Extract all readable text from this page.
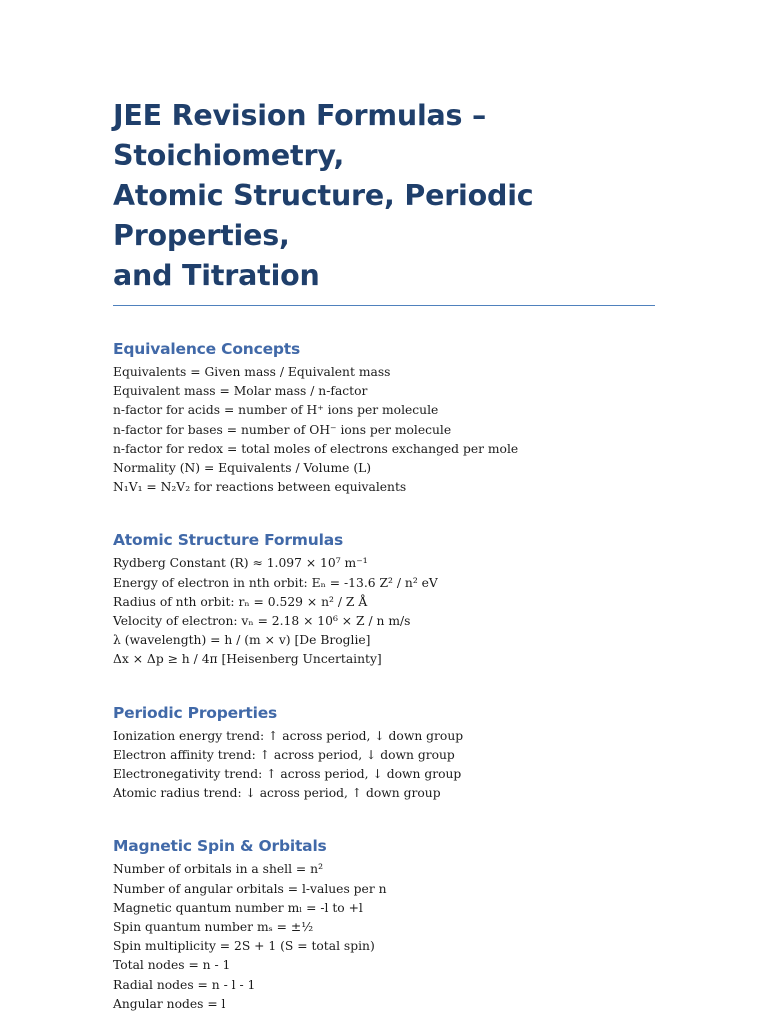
JEE Revision Formulas – Stoichiometry,
Atomic Structure, Periodic Properties,
and Titration
Equivalence Concepts
Equivalents = Given mass / Equivalent mass
Equivalent mass = Molar mass / n-factor
n-factor for acids = number of H⁺ ions per molecule
n-factor for bases = number of OH⁻ ions per molecule
n-factor for redox = total moles of electrons exchanged per mole
Normality (N) = Equivalents / Volume (L)
N₁V₁ = N₂V₂ for reactions between equivalents
Atomic Structure Formulas
Rydberg Constant (R) ≈ 1.097 × 10⁷ m⁻¹
Energy of electron in nth orbit: Eₙ = -13.6 Z² / n² eV
Radius of nth orbit: rₙ = 0.529 × n² / Z Å
Velocity of electron: vₙ = 2.18 × 10⁶ × Z / n m/s
λ (wavelength) = h / (m × v) [De Broglie]
Δx × Δp ≥ h / 4π [Heisenberg Uncertainty]
Periodic Properties
Ionization energy trend: ↑ across period, ↓ down group
Electron affinity trend: ↑ across period, ↓ down group
Electronegativity trend: ↑ across period, ↓ down group
Atomic radius trend: ↓ across period, ↑ down group
Magnetic Spin & Orbitals
Number of orbitals in a shell = n²
Number of angular orbitals = l-values per n
Magnetic quantum number mₗ = -l to +l
Spin quantum number mₛ = ±½
Spin multiplicity = 2S + 1 (S = total spin)
Total nodes = n - 1
Radial nodes = n - l - 1
Angular nodes = l
